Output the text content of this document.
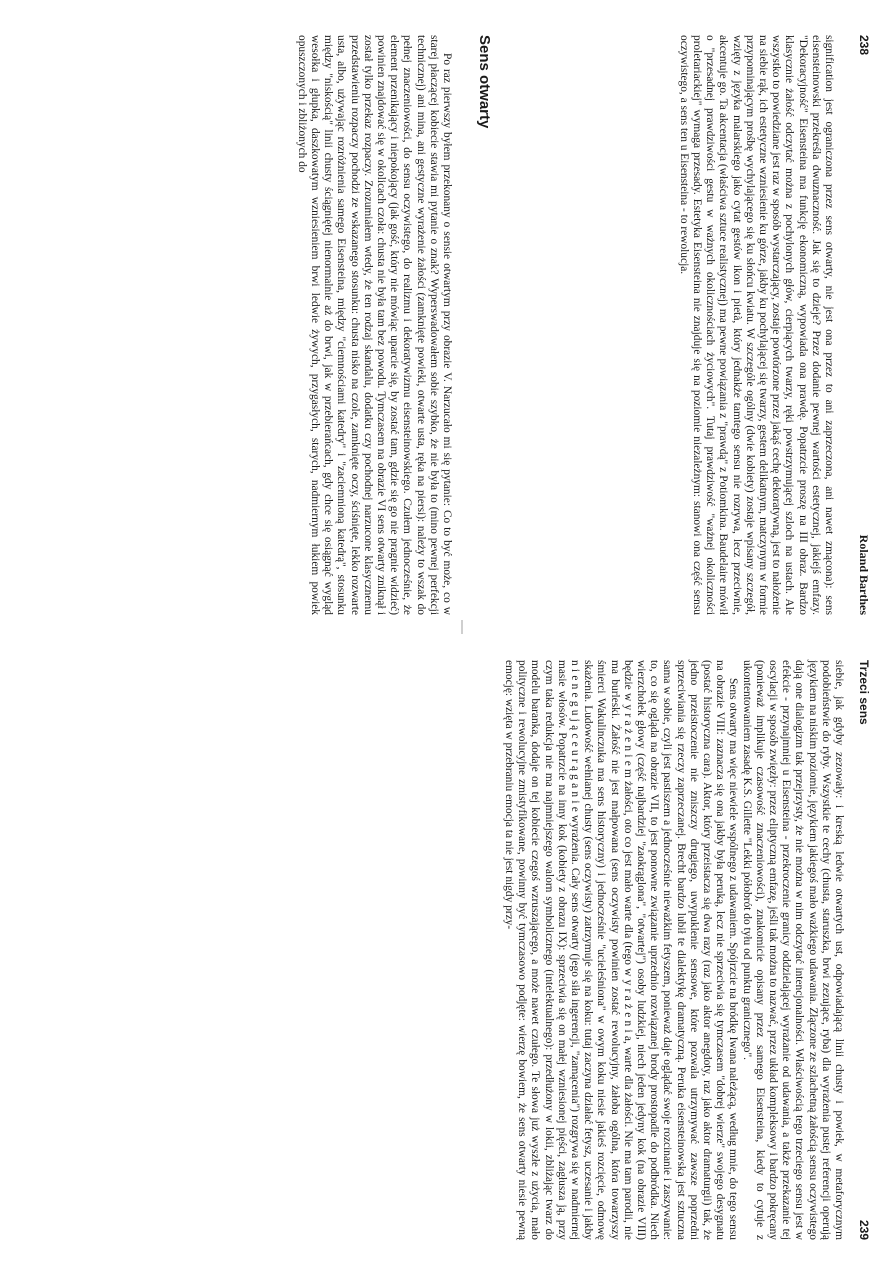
238
Roland Barthes

signification jest ograniczona przez sens otwarty, nie jest ona przez to ani zaprzeczona, ani nawet zmącona): sens eisensteinowski przekreśla dwuznaczność. Jak się to dzieje? Przez dodanie pewnej wartości estetycznej, jakiejś emfazy. "Dekoracyjność" Eisensteina ma funkcję ekonomiczną, wypowiada ona prawdę. Popatrzcie proszę na III obraz. Bardzo klasycznie żałość odczytać można z pochylonych głów, cierpiących twarzy, ręki powstrzymującej szloch na ustach. Ale wszystko to powiedziane jest raz w sposób wystarczający, zostaje powtórzone przez jakąś cechę dekoratywną, jest to nałożenie na siebie rąk, ich estetyczne wzniesienie ku górze, jakby ku pochylającej się twarzy, gestem delikatnym, matczynym w formie przypominającym prośbę wychylającego się ku słońcu kwiatu. W szczególe ogólny (dwie kobiety) zostaje wpisany szczegół, wzięty z języka malarskiego jako cytat gestów ikon i pietà, który jednakże tamtego sensu nie rozrywa, lecz przeciwnie, akcentuje go. Ta akcentacja (właściwa sztuce realistycznej) ma pewne powiązania z "prawdą" z Potiomkina. Baudelaire mówił o "przesadnej prawdziwości gestu w ważnych okolicznościach życiowych". Tutaj prawdziwość "ważnej okoliczności proletariackiej" wymaga przesady. Estetyka Eisensteina nie znajduje się na poziomie niezależnym: stanowi ona część sensu oczywistego, a sens ten u Eisensteina - to rewolucja.

Sens otwarty

Po raz pierwszy byłem przekonany o sensie otwartym przy obrazie V. Narzucało mi się pytanie: Co to być może, co w starej płaczącej kobiecie stawia mi pytanie o znak? Wyperswadowałem sobie szybko, że nie była to (mino pewnej perfekcji technicznej) ani mina, ani gestyczne wyrażenie żałości (zamknięte powieki, otwarte usta, ręka na piersi): należy to wszak do pełnej znaczeniowości, do sensu oczywistego, do realizmu i dekoratywizmu eisensteinowskiego. Czułem jednocześnie, że element przenikający i niepokojący (jak gość, który nie mówiąc uparcie się, by zostać tam, gdzie się go nie pragnie widzieć) powinien znajdować się w okolicach czoła: chusta nie była tam bez powodu. Tymczasem na obrazie VI sens otwarty zniknął i został tylko przekaz rozpaczy. Zrozumiałem wtedy, że ten rodzaj skandalu, dodatku czy pochodnej narzucone klasycznemu przedstawieniu rozpaczy pochodzi ze wskazanego stosunku: chusta nisko na czole, zamknięte oczy, ściśnięte, lekko rozwarte usta, albo, używając rozróżnienia samego Eisensteina, między "ciemnościami katedry" i "zaciemnioną katedrą", stosunku między "niskością" linii chusty ściągniętej nienormalnie aż do brwi, jak w przebierańcach, gdy chce się osiągnąć wygląd wesołka i głupka, daszkowatym wzniesieniem brwi ledwie żywych, przygasłych, starych, nadmiernym łukiem powiek opuszczonych i zbliżonych do

Trzeci sens
239

siebie, jak gdyby zezowały: i kreską ledwie otwartych ust, odpowiadającą linii chusty i powiek, w metaforycznym podobieństwie do ryby. Wszystkie te cechy (chusta, staruszka, brwi zezujące, ryba) dla wyrażenia pustej referencji operują językiem na niskim poziomie, językiem jakiegoś mało ważkiego udawania. Złączone ze szlachetną żałością sensu oczywistego dają one dialogizm tak przejrzysty, że nie można w nim odczytać intencjonalności. Właściwością tego trzeciego sensu jest w efekcie - przynajmniej u Eisensteina - przekroczenie granicy oddzielającej wyrażanie od udawania, a także przekazanie tej oscylacji w sposób zwięzły: przez eliptyczną emfazę, jeśli tak można to nazwać, przez układ kompleksowy i bardzo pokręcany (ponieważ implikuje czasowość znaczeniowości), znakomicie opisany przez samego Eisensteina, kiedy to cytuje z ukontentowaniem zasadę K.S. Gillette "Lekki półobrót do tyłu od punktu granicznego".

Sens otwarty ma więc niewiele wspólnego z udawaniem. Spójrzcie na bródkę Iwana należącą, według mnie, do tego sensu na obrazie VIII: zaznacza się ona jakby była peruką, lecz nie sprzeciwia się tymczasem "dobrej wierze" swojego desygnatu (postać historyczna cara). Aktor, który przeistacza się dwa razy (raz jako aktor anegdoty, raz jako aktor dramaturgii) tak, że jedno przeistoczenie nie zniszczy drugiego, uwypuklenie sensowe, które pozwala utrzymywać zawsze poprzedni sprzeciwiania się rzeczy zaprzeczanej. Brecht bardzo lubił te dialektykę dramatyczną. Peruka eisensteinowska jest sztuczna sama w sobie, czyli jest pastiszem a jednocześnie nieważkim fetyszem, ponieważ daje oglądać swoje rozcinanie i zaszywanie: to, co się ogląda na obrazie VII, to jest ponowne związanie uprzednio rozwiązanej brody prostopadle do podbródka. Niech wierzchołek głowy (część najbardziej "zaokrąglona", "otwartej") osoby ludzkiej, niech jeden jedyny kok (na obrazie VIII) będzie w y r a ż e n i e m żałości, oto co jest mało warte dla (tego w y r a ż e n i a, warte dla żałości. Nie ma tam parodii, nie ma burleski. Żałość nie jest małpowana (sens oczywisty powinien zostać rewolucyjny, żałoba ogólna, która towarzyszy śmierci Wakulinczuka ma sens historyczny) i jednocześnie "ucieleśniona" w owym koku niesie jakieś rozcięcie, odmowę skażenia. Ludowość wełnianej chusty (sens oczywisty) zatrzymuje się na koku: tutaj zaczyna działać fetysz, uczesanie i jakby n i e n e g u j ą c e u r ą g a n i e wyrażenia. Cały sens otwarty (jego siła ingerencji, "zamącenia") rozgrywa się w nadmiernej masie włosów. Popatrzcie na inny kok (kobiety z obrazu IX): sprzeciwia się on małej wzniesionej pięści, zagłusza ją, przy czym taka redukcja nie ma najmniejszego walorn symbolicznego (intelektualnego): przedłużony w lokii, zbliżając twarz do modelu baranka, dodaje on tej kobiecie czegoś wzruszającego, a może nawet czułego. Te słowa już wyszłe z użycia, mało polityczne i rewolucyjne zmistyfikowane, powinny być tymczasowo podjęte: wierzę bowiem, że sens otwarty niesie pewną emocję: wzięta w przebraniu emocja ta nie jest nigdy przy-
